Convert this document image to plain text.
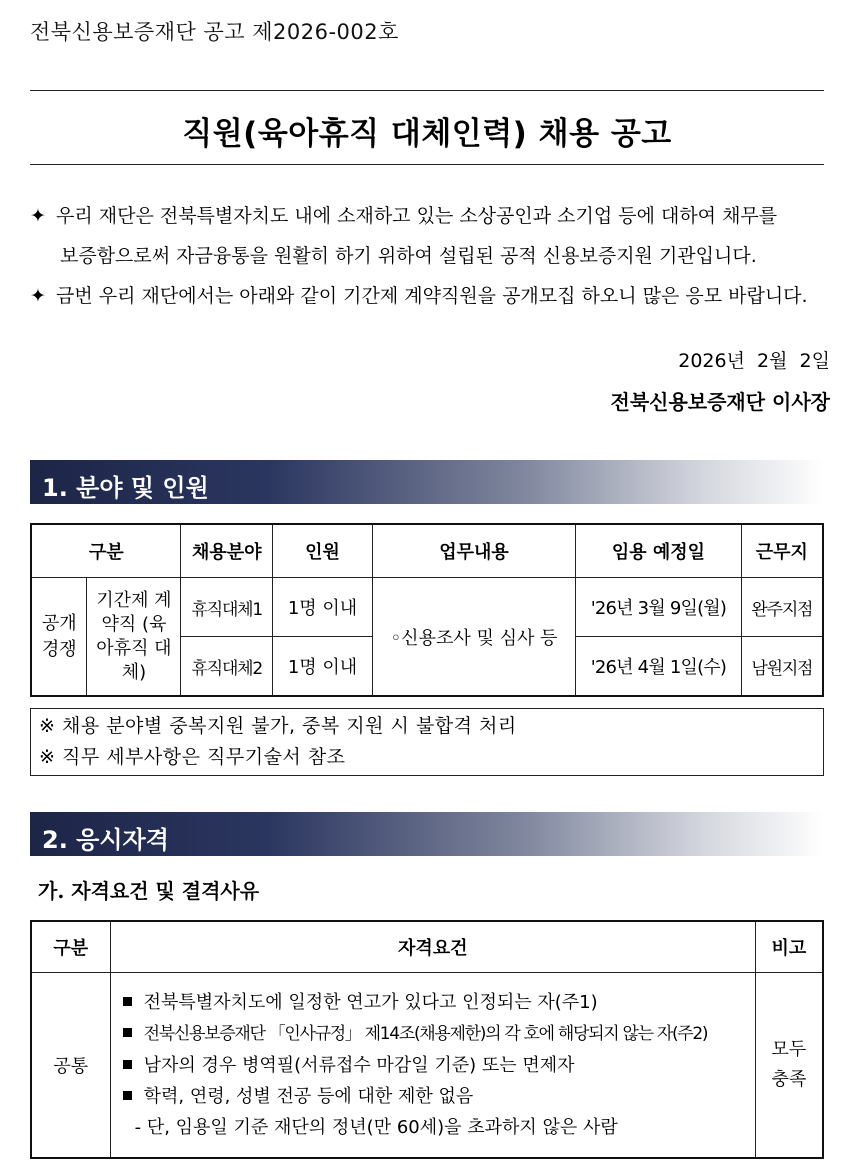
전북신용보증재단 공고 제2026-002호
직원(육아휴직 대체인력) 채용 공고
✦ 우리 재단은 전북특별자치도 내에 소재하고 있는 소상공인과 소기업 등에 대하여 채무를
보증함으로써 자금융통을 원활히 하기 위하여 설립된 공적 신용보증지원 기관입니다.
✦ 금번 우리 재단에서는 아래와 같이 기간제 계약직원을 공개모집 하오니 많은 응모 바랍니다.
2026년  2월  2일
전북신용보증재단 이사장
1. 분야 및 인원
구분		채용분야	인원	업무내용	임용 예정일	근무지
공개경쟁	기간제 계약직 (육아휴직 대체)	휴직대체1	1명 이내	◦신용조사 및 심사 등	'26년 3월 9일(월)	완주지점
		휴직대체2	1명 이내		'26년 4월 1일(수)	남원지점
※ 채용 분야별 중복지원 불가, 중복 지원 시 불합격 처리
※ 직무 세부사항은 직무기술서 참조
2. 응시자격
가. 자격요건 및 결격사유
구분	자격요건	비고
공통	전북특별자치도에 일정한 연고가 있다고 인정되는 자(주1)
전북신용보증재단 「인사규정」 제14조(채용제한)의 각 호에 해당되지 않는 자(주2)
남자의 경우 병역필(서류접수 마감일 기준) 또는 면제자
학력, 연령, 성별 전공 등에 대한 제한 없음
- 단, 임용일 기준 재단의 정년(만 60세)을 초과하지 않은 사람	모두 충족
